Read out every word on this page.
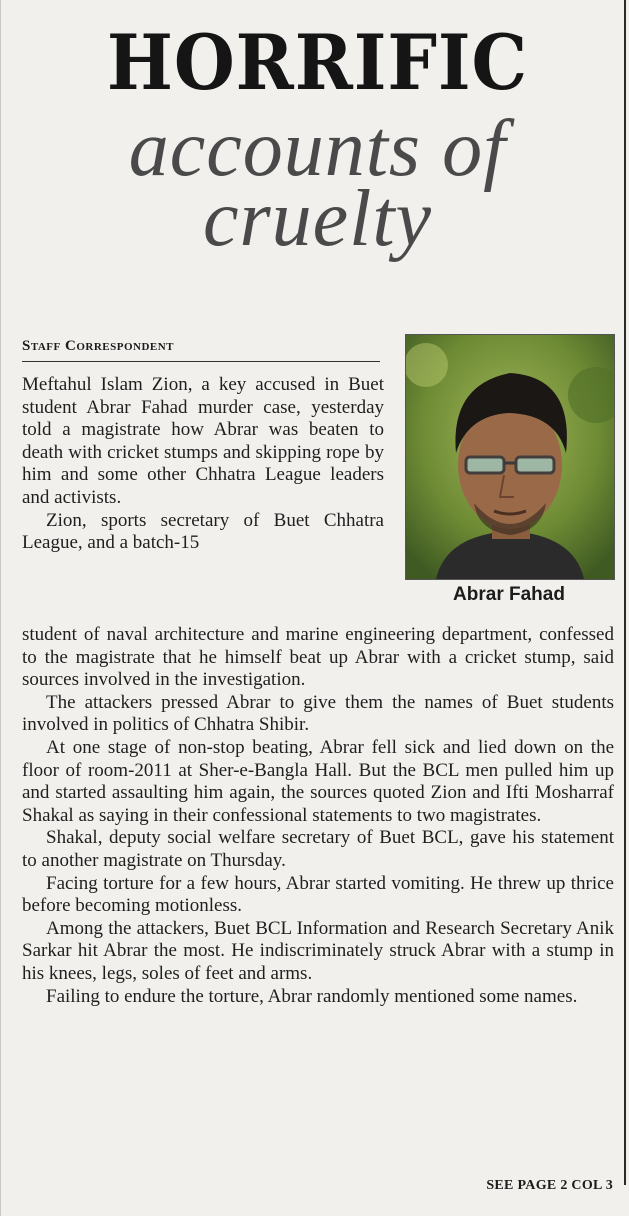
HORRIFIC
accounts of
cruelty
Staff Correspondent
Abrar Fahad

Meftahul Islam Zion, a key accused in Buet student Abrar Fahad murder case, yesterday told a magistrate how Abrar was beaten to death with cricket stumps and skipping rope by him and some other Chhatra League leaders and activists.

Zion, sports secretary of Buet Chhatra League, and a batch-15

student of naval architecture and marine engineering department, confessed to the magistrate that he himself beat up Abrar with a cricket stump, said sources involved in the investigation.

The attackers pressed Abrar to give them the names of Buet students involved in politics of Chhatra Shibir.

At one stage of non-stop beating, Abrar fell sick and lied down on the floor of room-2011 at Sher-e-Bangla Hall. But the BCL men pulled him up and started assaulting him again, the sources quoted Zion and Ifti Mosharraf Shakal as saying in their confessional statements to two magistrates.

Shakal, deputy social welfare secretary of Buet BCL, gave his statement to another magistrate on Thursday.

Facing torture for a few hours, Abrar started vomiting. He threw up thrice before becoming motionless.

Among the attackers, Buet BCL Information and Research Secretary Anik Sarkar hit Abrar the most. He indiscriminately struck Abrar with a stump in his knees, legs, soles of feet and arms.

Failing to endure the torture, Abrar randomly mentioned some names.

SEE PAGE 2 COL 3
